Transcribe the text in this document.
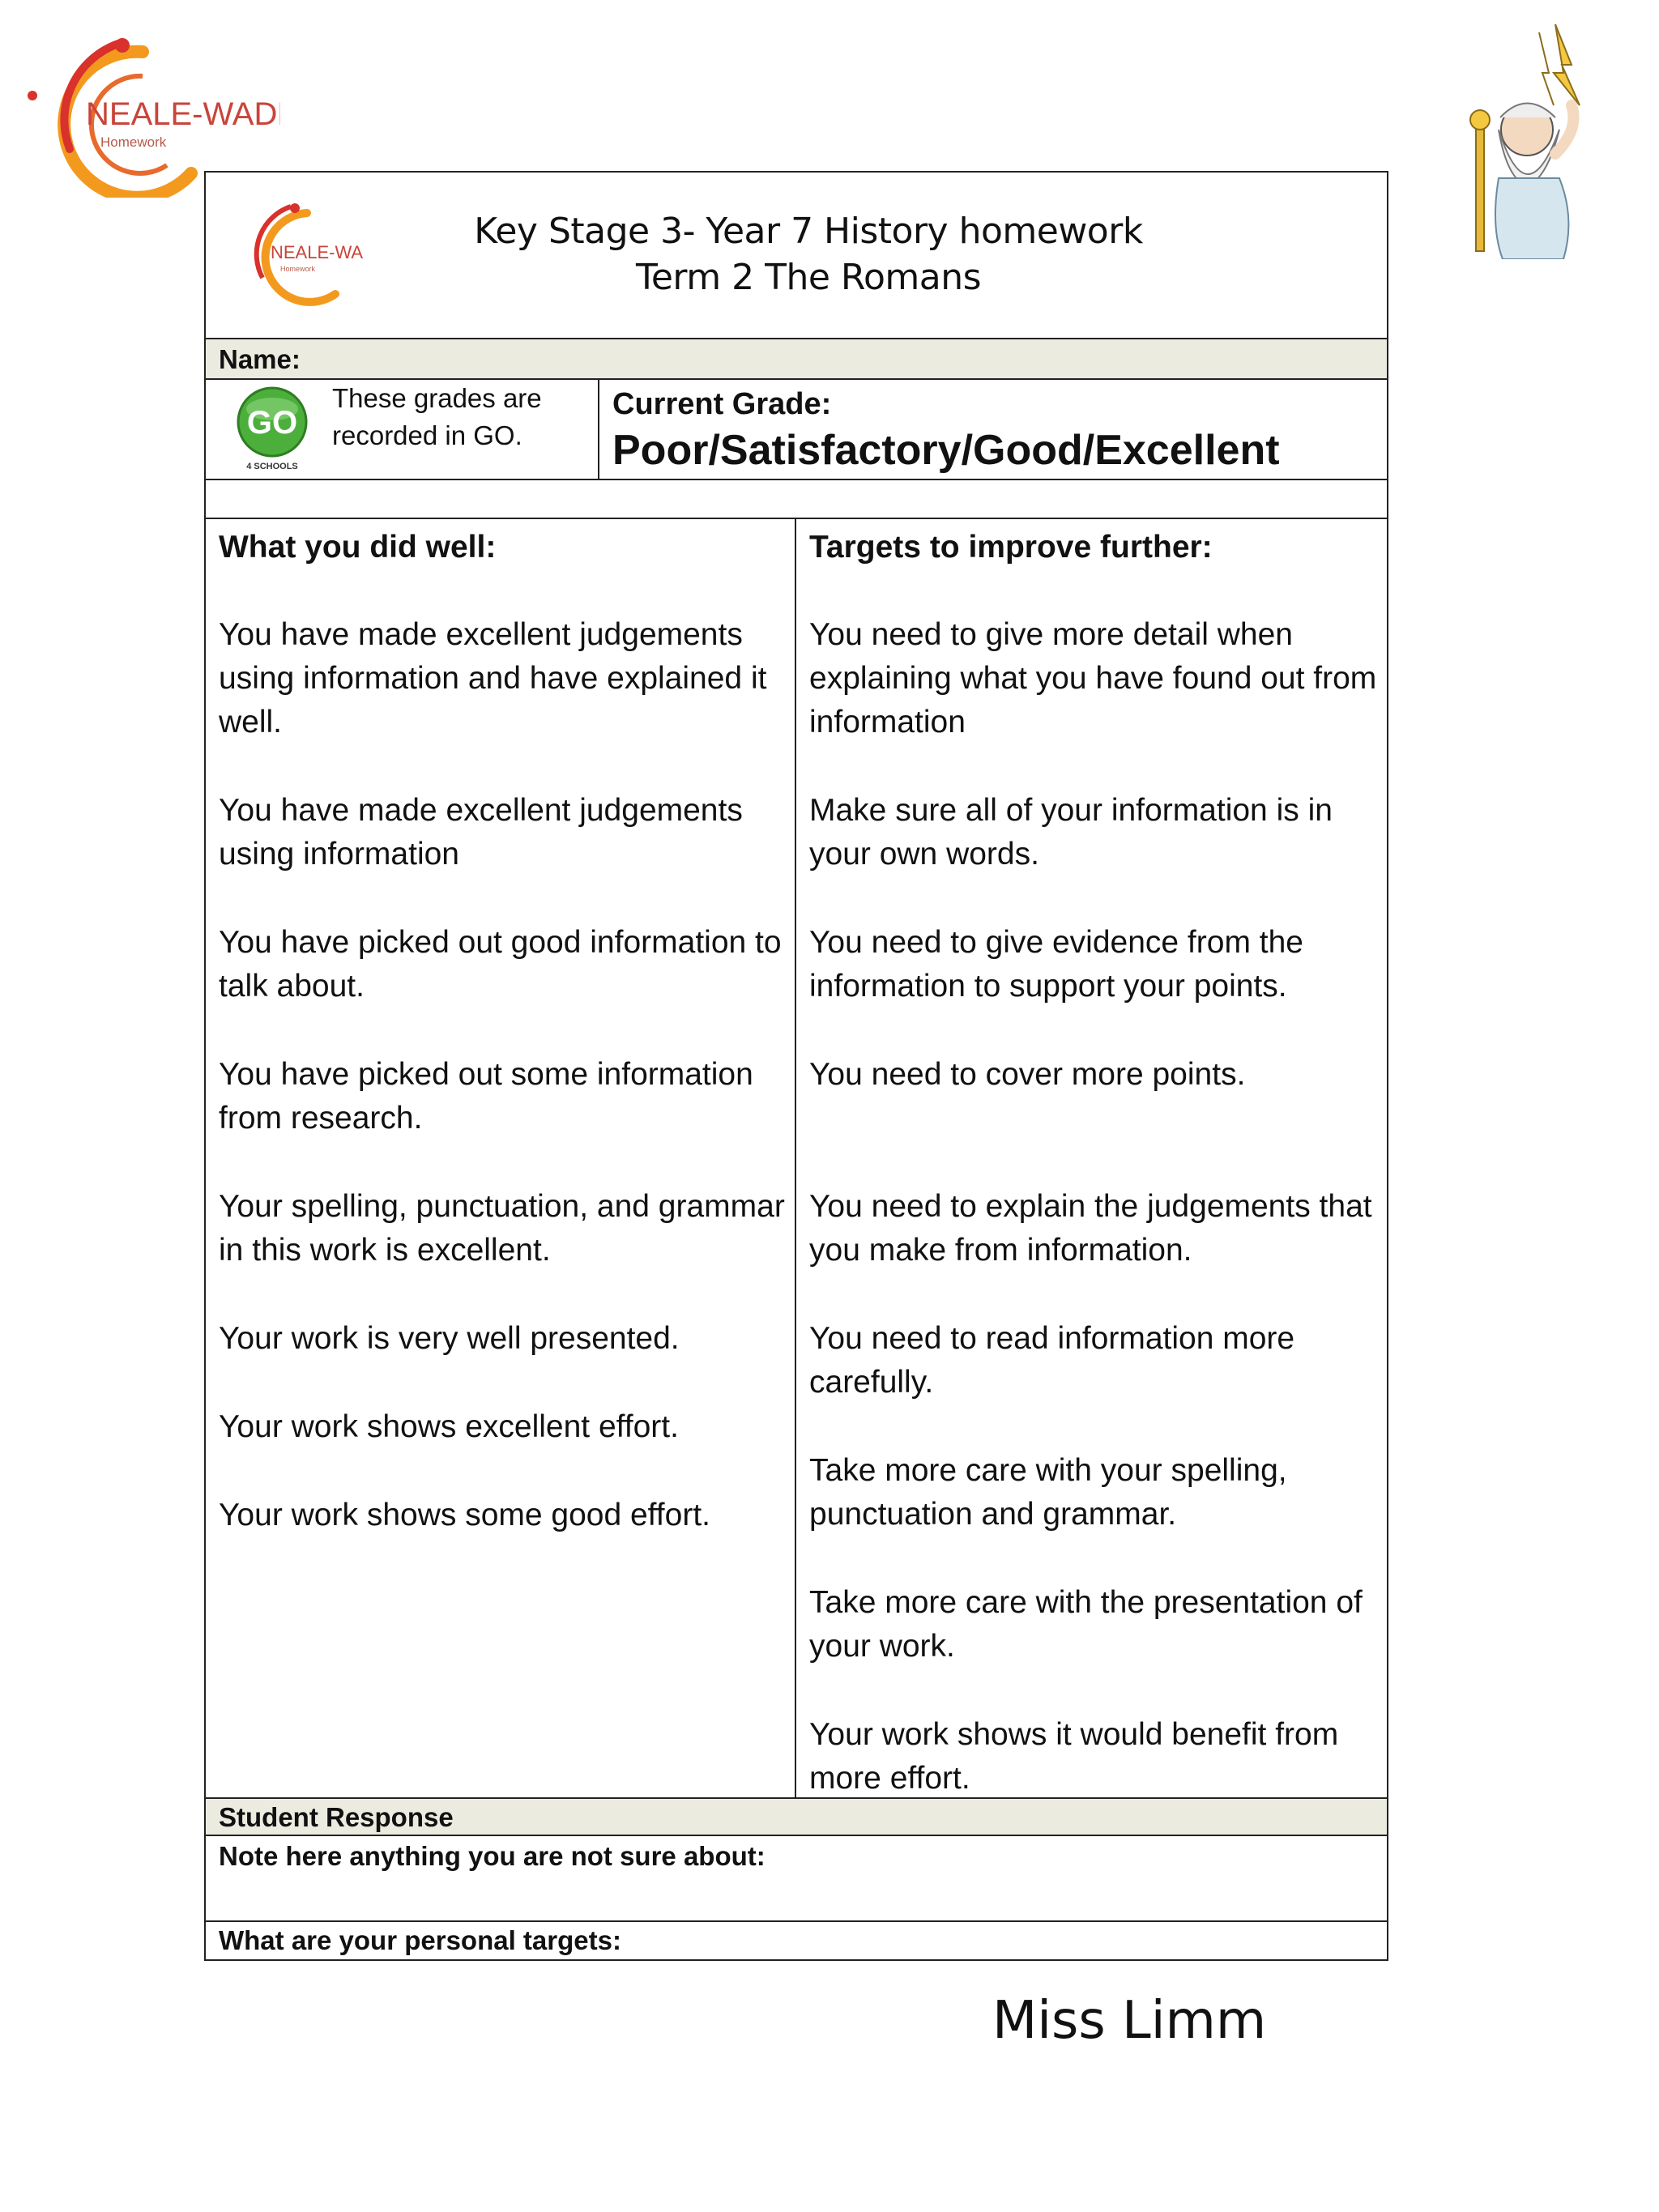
NEALE-WADE
Homework
NEALE-WA
Homework
Key Stage 3- Year 7 History homework
Term 2 The Romans
Name:
GO
4 SCHOOLS
These grades are
recorded in GO.
Current Grade:
Poor/Satisfactory/Good/Excellent
What you did well:
You have made excellent judgements using information and have explained it well.
You have made excellent judgements using information
You have picked out good information to talk about.
You have picked out some information from research.
Your spelling, punctuation, and grammar in this work is excellent.
Your work is very well presented.
Your work shows excellent effort.
Your work shows some good effort.
Targets to improve further:
You need to give more detail when explaining what you have found out from information
Make sure all of your information is in your own words.
You need to give evidence from the information to support your points.
You need to cover more points.
You need to explain the judgements that you make from information.
You need to read information more carefully.
Take more care with your spelling, punctuation and grammar.
Take more care with the presentation of your work.
Your work shows it would benefit from more effort.
Student Response
Note here anything you are not sure about:
What are your personal targets:
Miss Limm
